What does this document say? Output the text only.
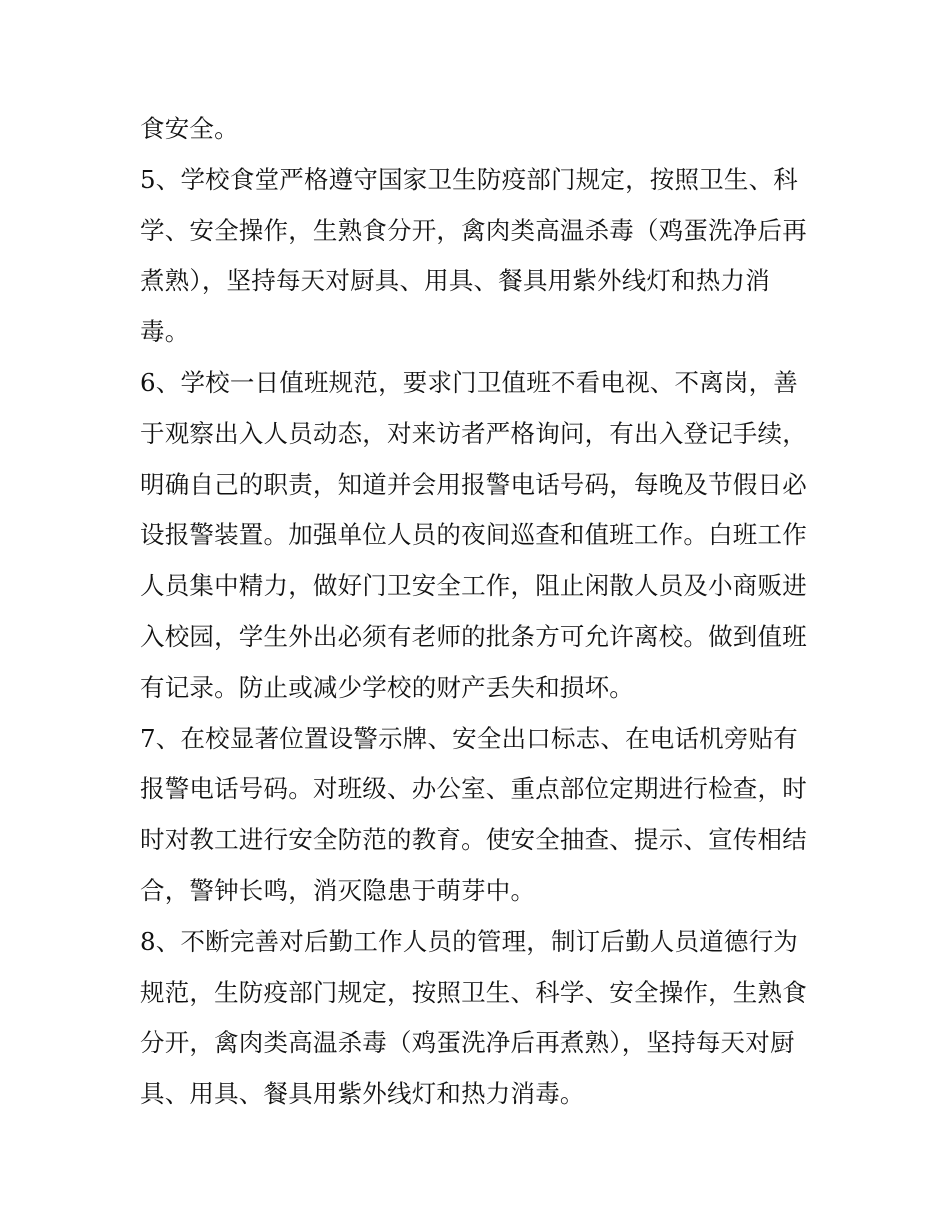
食安全。
5、学校食堂严格遵守国家卫生防疫部门规定，按照卫生、科
学、安全操作，生熟食分开，禽肉类高温杀毒（鸡蛋洗净后再
煮熟），坚持每天对厨具、用具、餐具用紫外线灯和热力消
毒。
6、学校一日值班规范，要求门卫值班不看电视、不离岗，善
于观察出入人员动态，对来访者严格询问，有出入登记手续，
明确自己的职责，知道并会用报警电话号码，每晚及节假日必
设报警装置。加强单位人员的夜间巡查和值班工作。白班工作
人员集中精力，做好门卫安全工作，阻止闲散人员及小商贩进
入校园，学生外出必须有老师的批条方可允许离校。做到值班
有记录。防止或减少学校的财产丢失和损坏。
7、在校显著位置设警示牌、安全出口标志、在电话机旁贴有
报警电话号码。对班级、办公室、重点部位定期进行检查，时
时对教工进行安全防范的教育。使安全抽查、提示、宣传相结
合，警钟长鸣，消灭隐患于萌芽中。
8、不断完善对后勤工作人员的管理，制订后勤人员道德行为
规范，生防疫部门规定，按照卫生、科学、安全操作，生熟食
分开，禽肉类高温杀毒（鸡蛋洗净后再煮熟），坚持每天对厨
具、用具、餐具用紫外线灯和热力消毒。
